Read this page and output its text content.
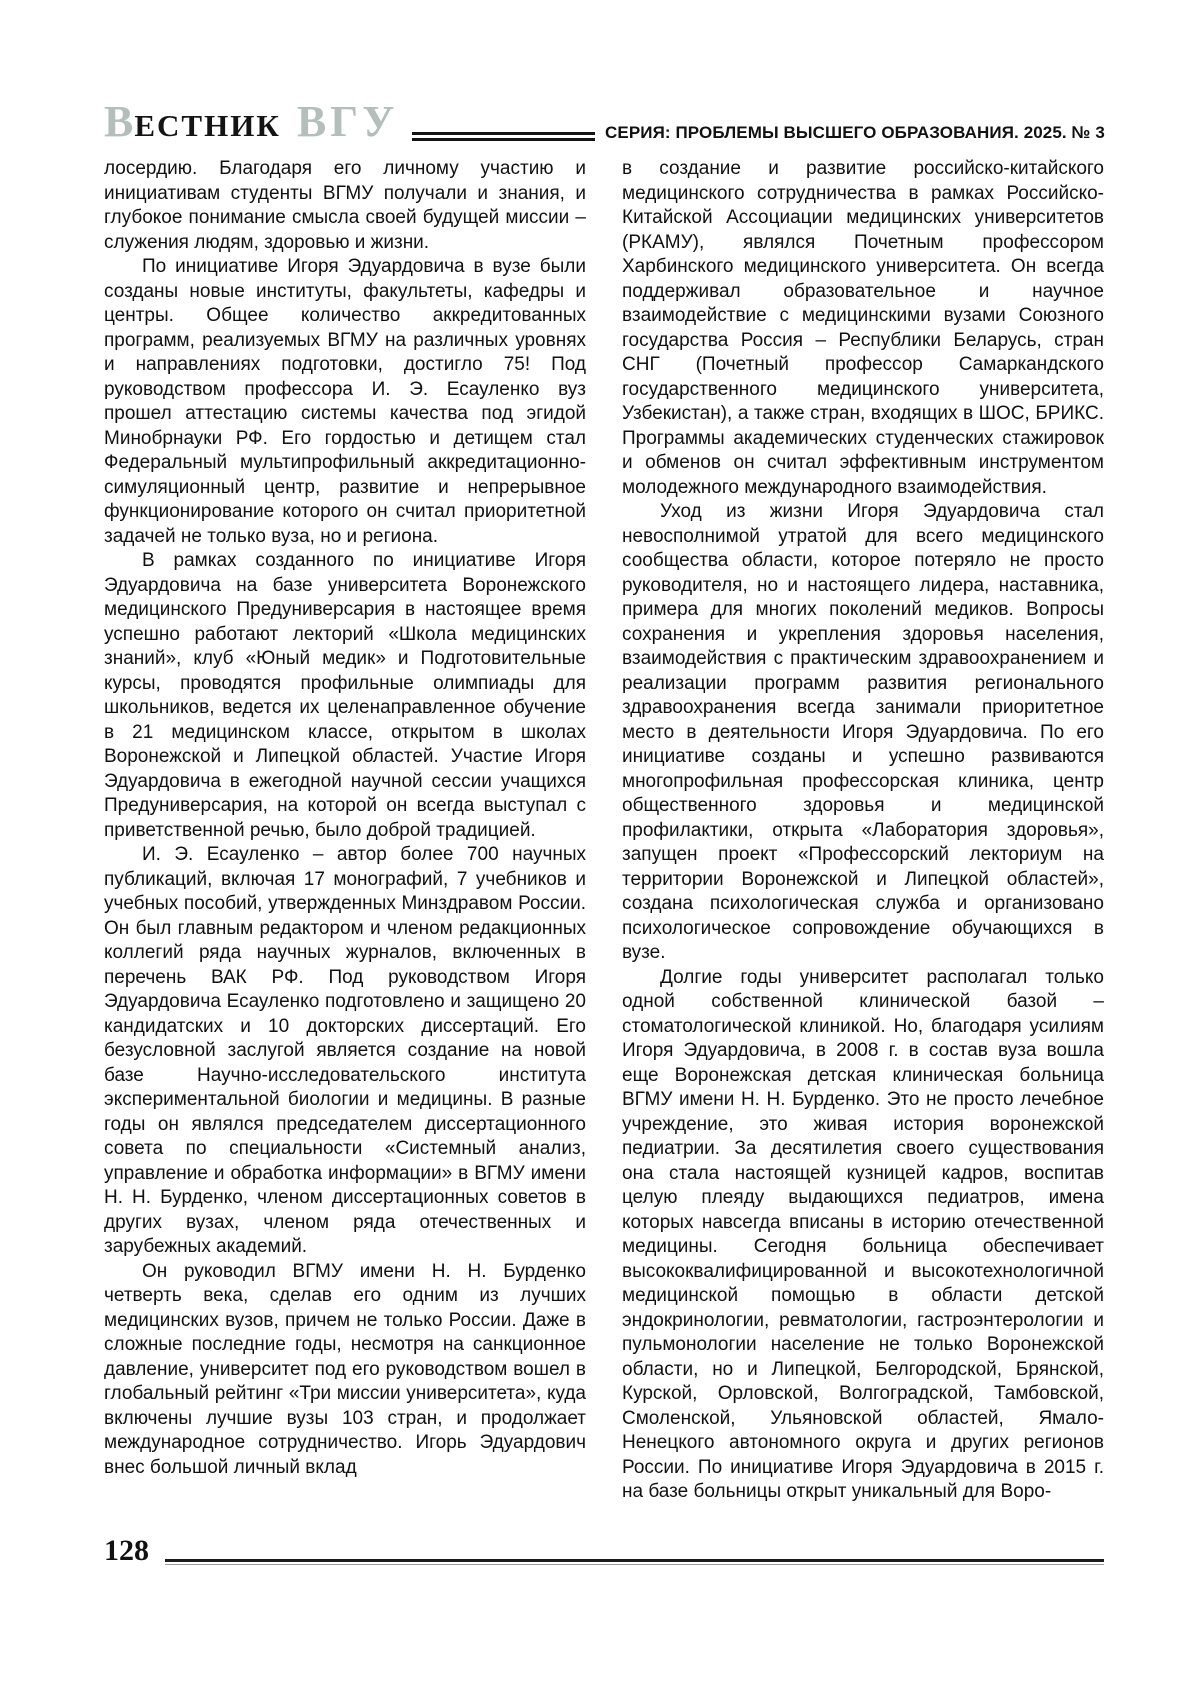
ВЕСТНИК ВГУ	СЕРИЯ: ПРОБЛЕМЫ ВЫСШЕГО ОБРАЗОВАНИЯ. 2025. № 3

лосердию. Благодаря его личному участию и инициативам студенты ВГМУ получали и знания, и глубокое понимание смысла своей будущей миссии – служения людям, здоровью и жизни.

По инициативе Игоря Эдуардовича в вузе были созданы новые институты, факультеты, кафедры и центры. Общее количество аккредитованных программ, реализуемых ВГМУ на различных уровнях и направлениях подготовки, достигло 75! Под руководством профессора И. Э. Есауленко вуз прошел аттестацию системы качества под эгидой Минобрнауки РФ. Его гордостью и детищем стал Федеральный мультипрофильный аккредитационно-симуляционный центр, развитие и непрерывное функционирование которого он считал приоритетной задачей не только вуза, но и региона.

В рамках созданного по инициативе Игоря Эдуардовича на базе университета Воронежского медицинского Предуниверсария в настоящее время успешно работают лекторий «Школа медицинских знаний», клуб «Юный медик» и Подготовительные курсы, проводятся профильные олимпиады для школьников, ведется их целенаправленное обучение в 21 медицинском классе, открытом в школах Воронежской и Липецкой областей. Участие Игоря Эдуардовича в ежегодной научной сессии учащихся Предуниверсария, на которой он всегда выступал с приветственной речью, было доброй традицией.

И. Э. Есауленко – автор более 700 научных публикаций, включая 17 монографий, 7 учебников и учебных пособий, утвержденных Минздравом России. Он был главным редактором и членом редакционных коллегий ряда научных журналов, включенных в перечень ВАК РФ. Под руководством Игоря Эдуардовича Есауленко подготовлено и защищено 20 кандидатских и 10 докторских диссертаций. Его безусловной заслугой является создание на новой базе Научно-исследовательского института экспериментальной биологии и медицины. В разные годы он являлся председателем диссертационного совета по специальности «Системный анализ, управление и обработка информации» в ВГМУ имени Н. Н. Бурденко, членом диссертационных советов в других вузах, членом ряда отечественных и зарубежных академий.

Он руководил ВГМУ имени Н. Н. Бурденко четверть века, сделав его одним из лучших медицинских вузов, причем не только России. Даже в сложные последние годы, несмотря на санкционное давление, университет под его руководством вошел в глобальный рейтинг «Три миссии университета», куда включены лучшие вузы 103 стран, и продолжает международное сотрудничество. Игорь Эдуардович внес большой личный вклад

в создание и развитие российско-китайского медицинского сотрудничества в рамках Российско-Китайской Ассоциации медицинских университетов (РКАМУ), являлся Почетным профессором Харбинского медицинского университета. Он всегда поддерживал образовательное и научное взаимодействие с медицинскими вузами Союзного государства Россия – Республики Беларусь, стран СНГ (Почетный профессор Самаркандского государственного медицинского университета, Узбекистан), а также стран, входящих в ШОС, БРИКС. Программы академических студенческих стажировок и обменов он считал эффективным инструментом молодежного международного взаимодействия.

Уход из жизни Игоря Эдуардовича стал невосполнимой утратой для всего медицинского сообщества области, которое потеряло не просто руководителя, но и настоящего лидера, наставника, примера для многих поколений медиков. Вопросы сохранения и укрепления здоровья населения, взаимодействия с практическим здравоохранением и реализации программ развития регионального здравоохранения всегда занимали приоритетное место в деятельности Игоря Эдуардовича. По его инициативе созданы и успешно развиваются многопрофильная профессорская клиника, центр общественного здоровья и медицинской профилактики, открыта «Лаборатория здоровья», запущен проект «Профессорский лекториум на территории Воронежской и Липецкой областей», создана психологическая служба и организовано психологическое сопровождение обучающихся в вузе.

Долгие годы университет располагал только одной собственной клинической базой – стоматологической клиникой. Но, благодаря усилиям Игоря Эдуардовича, в 2008 г. в состав вуза вошла еще Воронежская детская клиническая больница ВГМУ имени Н. Н. Бурденко. Это не просто лечебное учреждение, это живая история воронежской педиатрии. За десятилетия своего существования она стала настоящей кузницей кадров, воспитав целую плеяду выдающихся педиатров, имена которых навсегда вписаны в историю отечественной медицины. Сегодня больница обеспечивает высококвалифицированной и высокотехнологичной медицинской помощью в области детской эндокринологии, ревматологии, гастроэнтерологии и пульмонологии население не только Воронежской области, но и Липецкой, Белгородской, Брянской, Курской, Орловской, Волгоградской, Тамбовской, Смоленской, Ульяновской областей, Ямало-Ненецкого автономного округа и других регионов России. По инициативе Игоря Эдуардовича в 2015 г. на базе больницы открыт уникальный для Воро-

128
